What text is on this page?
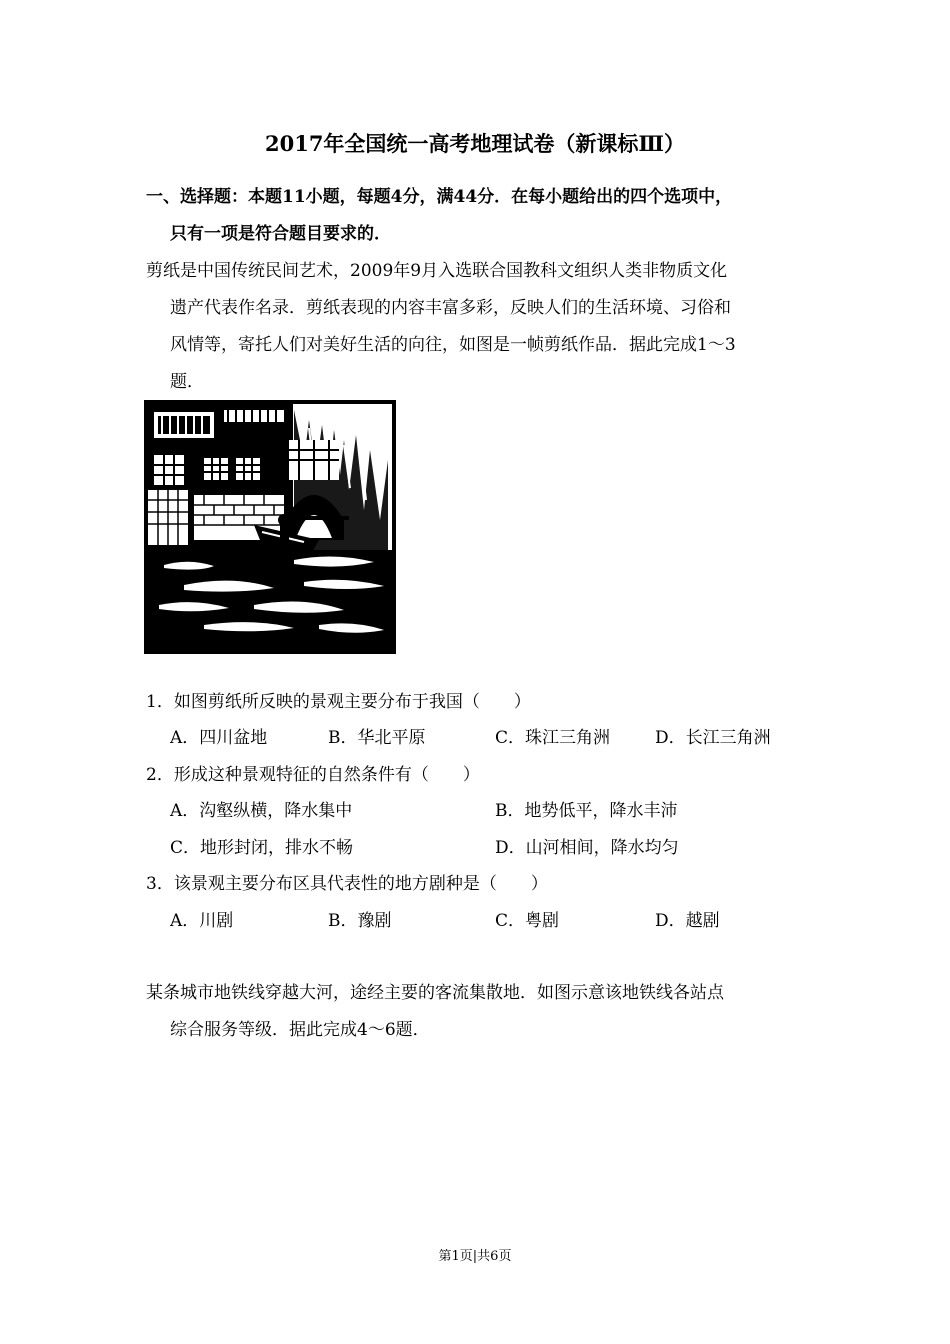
2017年全国统一高考地理试卷（新课标Ⅲ）
一、选择题：本题11小题，每题4分，满44分．在每小题给出的四个选项中，
只有一项是符合题目要求的．
剪纸是中国传统民间艺术，2009年9月入选联合国教科文组织人类非物质文化
遗产代表作名录．剪纸表现的内容丰富多彩，反映人们的生活环境、习俗和
风情等，寄托人们对美好生活的向往，如图是一帧剪纸作品．据此完成1～3
题．
1．如图剪纸所反映的景观主要分布于我国（　　）
A．四川盆地	B．华北平原	C．珠江三角洲	D．长江三角洲
2．形成这种景观特征的自然条件有（　　）
A．沟壑纵横，降水集中	B．地势低平，降水丰沛
C．地形封闭，排水不畅	D．山河相间，降水均匀
3．该景观主要分布区具代表性的地方剧种是（　　）
A．川剧	B．豫剧	C．粤剧	D．越剧
某条城市地铁线穿越大河，途经主要的客流集散地．如图示意该地铁线各站点
综合服务等级．据此完成4～6题．
第1页|共6页
